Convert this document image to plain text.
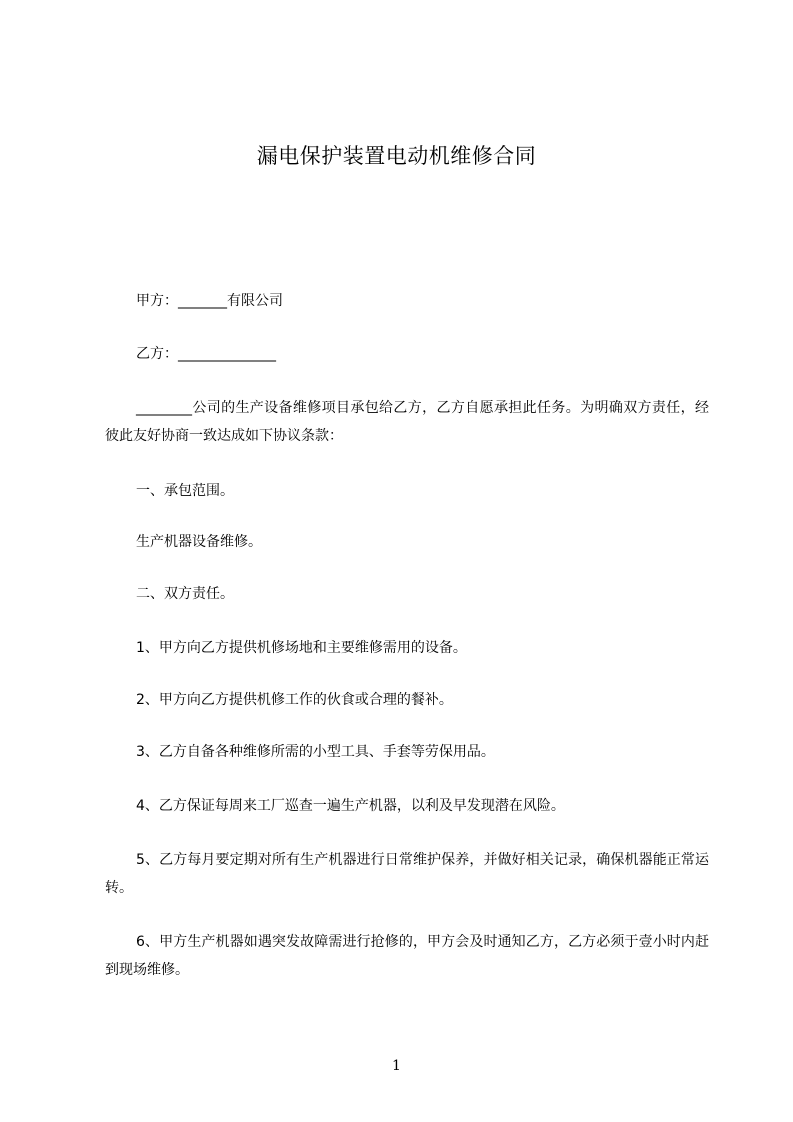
漏电保护装置电动机维修合同
甲方：_______有限公司
乙方：______________
________公司的生产设备维修项目承包给乙方，乙方自愿承担此任务。为明确双方责任，经彼此友好协商一致达成如下协议条款：
一、承包范围。
生产机器设备维修。
二、双方责任。
1、甲方向乙方提供机修场地和主要维修需用的设备。
2、甲方向乙方提供机修工作的伙食或合理的餐补。
3、乙方自备各种维修所需的小型工具、手套等劳保用品。
4、乙方保证每周来工厂巡查一遍生产机器，以利及早发现潜在风险。
5、乙方每月要定期对所有生产机器进行日常维护保养，并做好相关记录，确保机器能正常运转。
6、甲方生产机器如遇突发故障需进行抢修的，甲方会及时通知乙方，乙方必须于壹小时内赶到现场维修。
1
